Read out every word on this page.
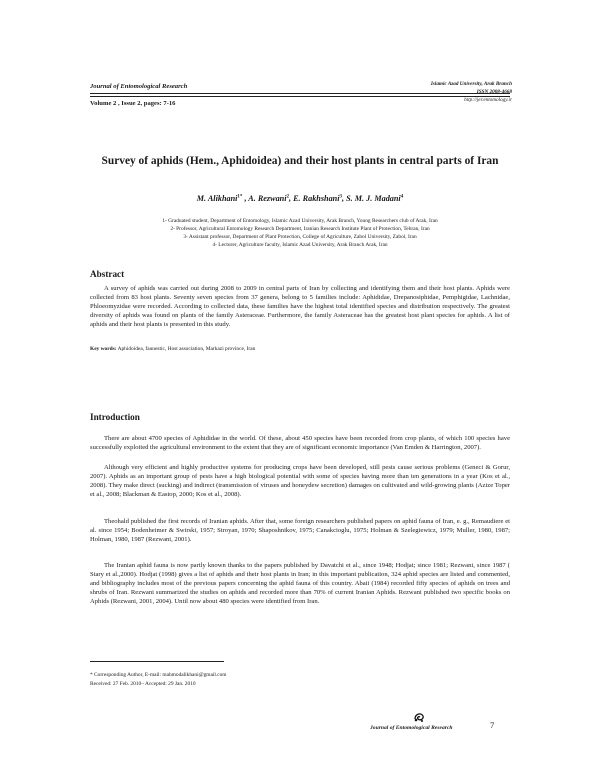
Journal of Entomological Research
Volume 2 , Issue 2, pages: 7-16
Islamic Azad University, Arak Branch
ISSN 2008-4668
http://jer.entomology.ir
Survey of aphids (Hem., Aphidoidea) and their host plants in central parts of Iran
M. Alikhani$^{1*}$ , A. Rezwani$^2$, E. Rakhshani$^3$, S. M. J. Madani$^4$
1- Graduated student, Department of Entomology, Islamic Azad University, Arak Branch, Young Researchers club of Arak, Iran
2- Professor, Agricultural Entomology Research Department, Iranian Research Institute Plant of Protection, Tehran, Iran
3- Assistant professor, Department of Plant Protection, College of Agriculture, Zabol University, Zabol, Iran
4- Lecturer, Agriculture faculty, Islamic Azad University, Arak Branch Arak, Iran
Abstract
A survey of aphids was carried out during 2008 to 2009 in central parts of Iran by collecting and identifying them and their host plants. Aphids were collected from 83 host plants. Seventy seven species from 37 genera, belong to 5 families include: Aphididae, Drepanosiphidae, Pemphigidae, Lachnidae, Phloeomyzidae were recorded. According to collected data, these families have the highest total identified species and distribution respectively. The greatest diversity of aphids was found on plants of the family Asteraceae. Furthermore, the family Asteraceae has the greatest host plant species for aphids. A list of aphids and their host plants is presented in this study.
Key words: Aphidoidea, faunestic, Host association, Markazi province, Iran
Introduction
There are about 4700 species of Aphididae in the world. Of these, about 450 species have been recorded from crop plants, of which 100 species have successfully exploited the agricultural environment to the extent that they are of significant economic importance (Van Emden & Harrington, 2007).
Although very efficient and highly productive systems for producing crops have been developed, still pests cause serious problems (Geneci & Gorur, 2007). Aphids as an important group of pests have a high biological potential with some of species having more than ten generations in a year (Kos et al., 2008). They make direct (sucking) and indirect (transmission of viruses and honeydew secretion) damages on cultivated and wild-growing plants (Azize Toper et al., 2008; Blackman & Eastop, 2000; Kos et al., 2008).
Theohald published the first records of Iranian aphids. After that, some foreign researchers published papers on aphid fauna of Iran, e. g., Remaudiere et al. since 1954; Bodenheimer & Swirski, 1957; Stroyan, 1970; Shaposhnikov, 1975; Canakcioglu, 1975; Holman & Szelegiewicz, 1979; Muller, 1980, 1987; Holman, 1980, 1987 (Rezwani, 2001).
The Iranian aphid fauna is now partly known thanks to the papers published by Davatchi et al., since 1948; Hodjat; since 1981; Rezwani, since 1987 ( Stary et al.,2000). Hodjat (1998) gives a list of aphids and their host plants in Iran; in this important publication, 324 aphid species are listed and commented, and bibliography includes most of the previous papers concerning the aphid fauna of this country. Abaii (1984) recorded fifty species of aphids on trees and shrubs of Iran. Rezwani summarized the studies on aphids and recorded more than 70% of current Iranian Aphids. Rezwani published two specific books on Aphids (Rezwani, 2001, 2004). Until now about 480 species were identified from Iran.
* Corresponding Author, E-mail: mahmodalikhani@gmail.com
Received: 27 Feb. 2010– Accepted: 29 Jan. 2010
Journal of Entomological Research	7
